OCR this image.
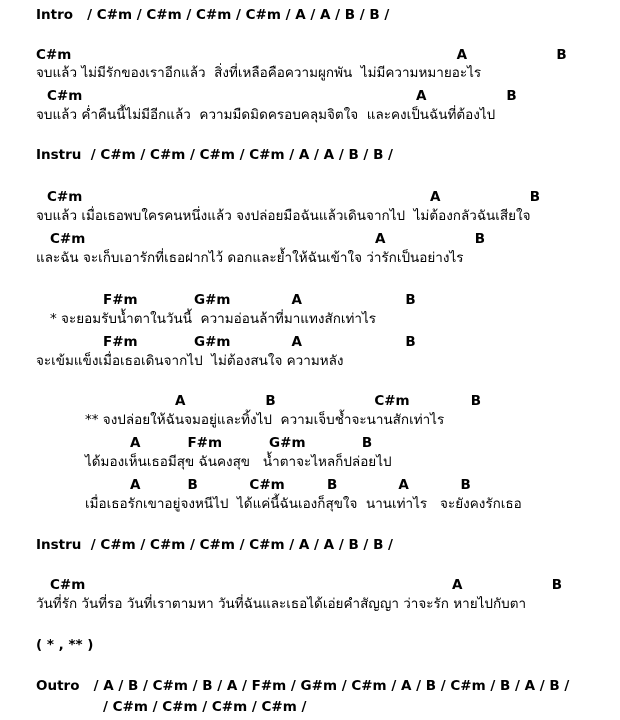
Intro   / C#m / C#m / C#m / C#m / A / A / B / B /
C#m                                                                                  A                   B
จบแล้ว ไม่มีรักของเราอีกแล้ว  สิ่งที่เหลือคือความผูกพัน  ไม่มีความหมายอะไร
C#m                                                                       A                 B
จบแล้ว ค่ำคืนนี้ไม่มีอีกแล้ว  ความมืดมิดครอบคลุมจิตใจ  และคงเป็นฉันที่ต้องไป
Instru  / C#m / C#m / C#m / C#m / A / A / B / B /
C#m	A                   B
จบแล้ว เมื่อเธอพบใครคนหนึ่งแล้ว จงปล่อยมือฉันแล้วเดินจากไป  ไม่ต้องกลัวฉันเสียใจ
C#m	A                   B
และฉัน จะเก็บเอารักที่เธอฝากไว้ ดอกและย้ำให้ฉันเข้าใจ ว่ารักเป็นอย่างไร
F#m            G#m             A                      B
* จะยอมรับน้ำตาในวันนี้  ความอ่อนล้าที่มาแทงสักเท่าไร
F#m            G#m             A                      B
จะเข้มแข็งเมื่อเธอเดินจากไป  ไม่ต้องสนใจ ความหลัง
A                 B                     C#m             B
** จงปล่อยให้ฉันจมอยู่และทิ้งไป  ความเจ็บช้ำจะนานสักเท่าไร
A          F#m          G#m            B
ได้มองเห็นเธอมีสุข ฉันคงสุข   น้ำตาจะไหลก็ปล่อยไป
A          B           C#m         B             A           B
เมื่อเธอรักเขาอยู่จงหนีไป  ได้แค่นี้ฉันเองก็สุขใจ  นานเท่าไร   จะยังคงรักเธอ
Instru  / C#m / C#m / C#m / C#m / A / A / B / B /
C#m	A                   B
วันที่รัก วันที่รอ วันที่เราตามหา วันที่ฉันและเธอได้เอ่ยคำสัญญา ว่าจะรัก หายไปกับตา
( * , ** )
Outro   / A / B / C#m / B / A / F#m / G#m / C#m / A / B / C#m / B / A / B /
/ C#m / C#m / C#m / C#m /
